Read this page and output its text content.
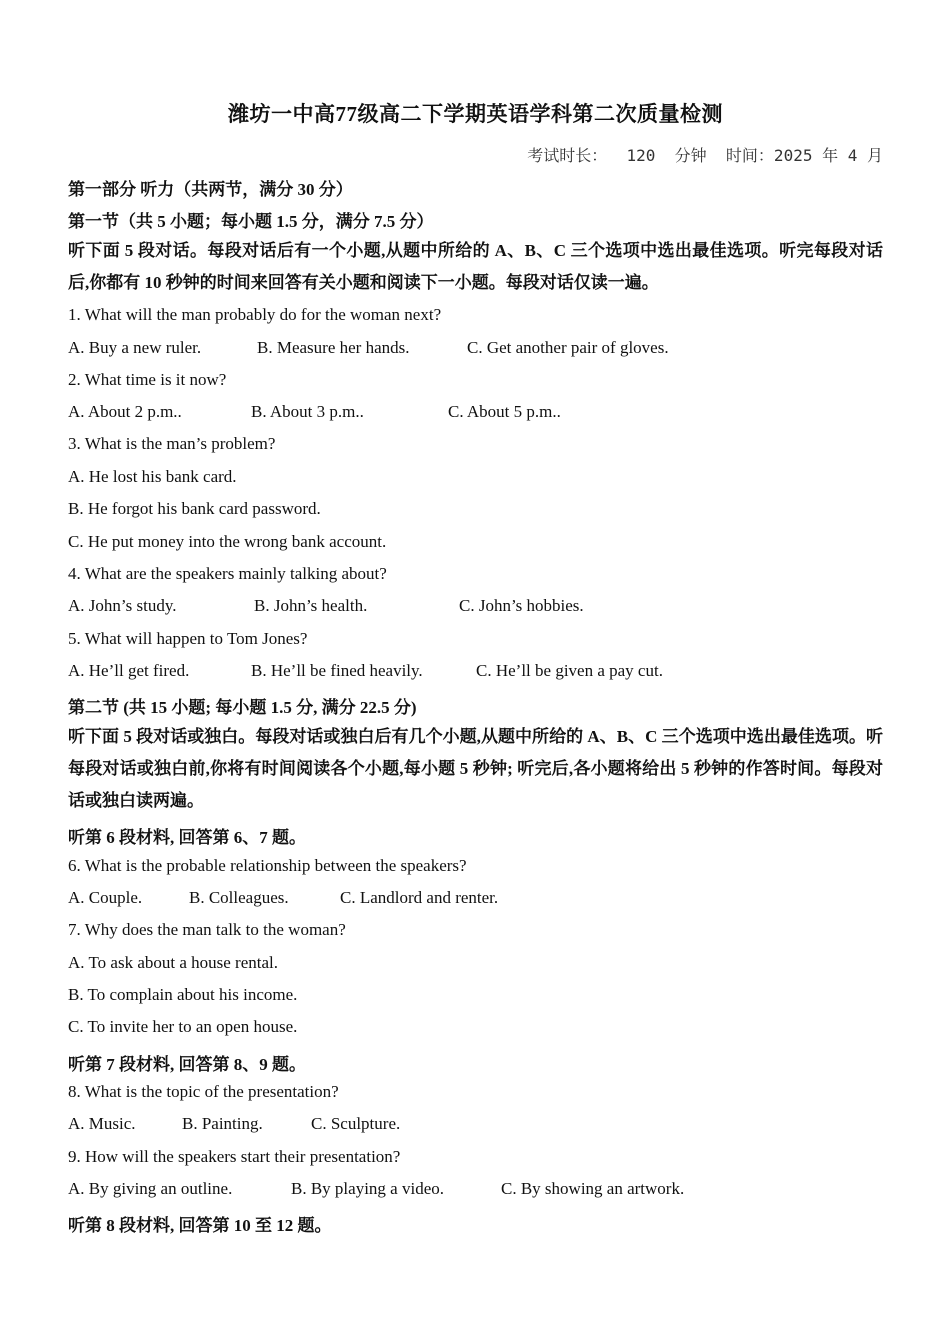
潍坊一中高77级高二下学期英语学科第二次质量检测
考试时长：  120  分钟  时间：2025 年 4 月
第一部分 听力（共两节，满分 30 分）
第一节（共 5 小题；每小题 1.5 分，满分 7.5 分）
听下面 5 段对话。每段对话后有一个小题,从题中所给的 A、B、C 三个选项中选出最佳选项。听完每段对话后,你都有 10 秒钟的时间来回答有关小题和阅读下一小题。每段对话仅读一遍。
1. What will the man probably do for the woman next?
A. Buy a new ruler.	B. Measure her hands.	C. Get another pair of gloves.
2. What time is it now?
A. About 2 p.m..	B. About 3 p.m..	C. About 5 p.m..
3. What is the man’s problem?
A. He lost his bank card.
B. He forgot his bank card password.
C. He put money into the wrong bank account.
4. What are the speakers mainly talking about?
A. John’s study.	B. John’s health.	C. John’s hobbies.
5. What will happen to Tom Jones?
A. He’ll get fired.	B. He’ll be fined heavily.	C. He’ll be given a pay cut.
第二节 (共 15 小题; 每小题 1.5 分, 满分 22.5 分)
听下面 5 段对话或独白。每段对话或独白后有几个小题,从题中所给的 A、B、C 三个选项中选出最佳选项。听每段对话或独白前,你将有时间阅读各个小题,每小题 5 秒钟; 听完后,各小题将给出 5 秒钟的作答时间。每段对话或独白读两遍。
听第 6 段材料, 回答第 6、7 题。
6. What is the probable relationship between the speakers?
A. Couple.	B. Colleagues.	C. Landlord and renter.
7. Why does the man talk to the woman?
A. To ask about a house rental.
B. To complain about his income.
C. To invite her to an open house.
听第 7 段材料, 回答第 8、9 题。
8. What is the topic of the presentation?
A. Music.	B. Painting.	C. Sculpture.
9. How will the speakers start their presentation?
A. By giving an outline.	B. By playing a video.	C. By showing an artwork.
听第 8 段材料, 回答第 10 至 12 题。
